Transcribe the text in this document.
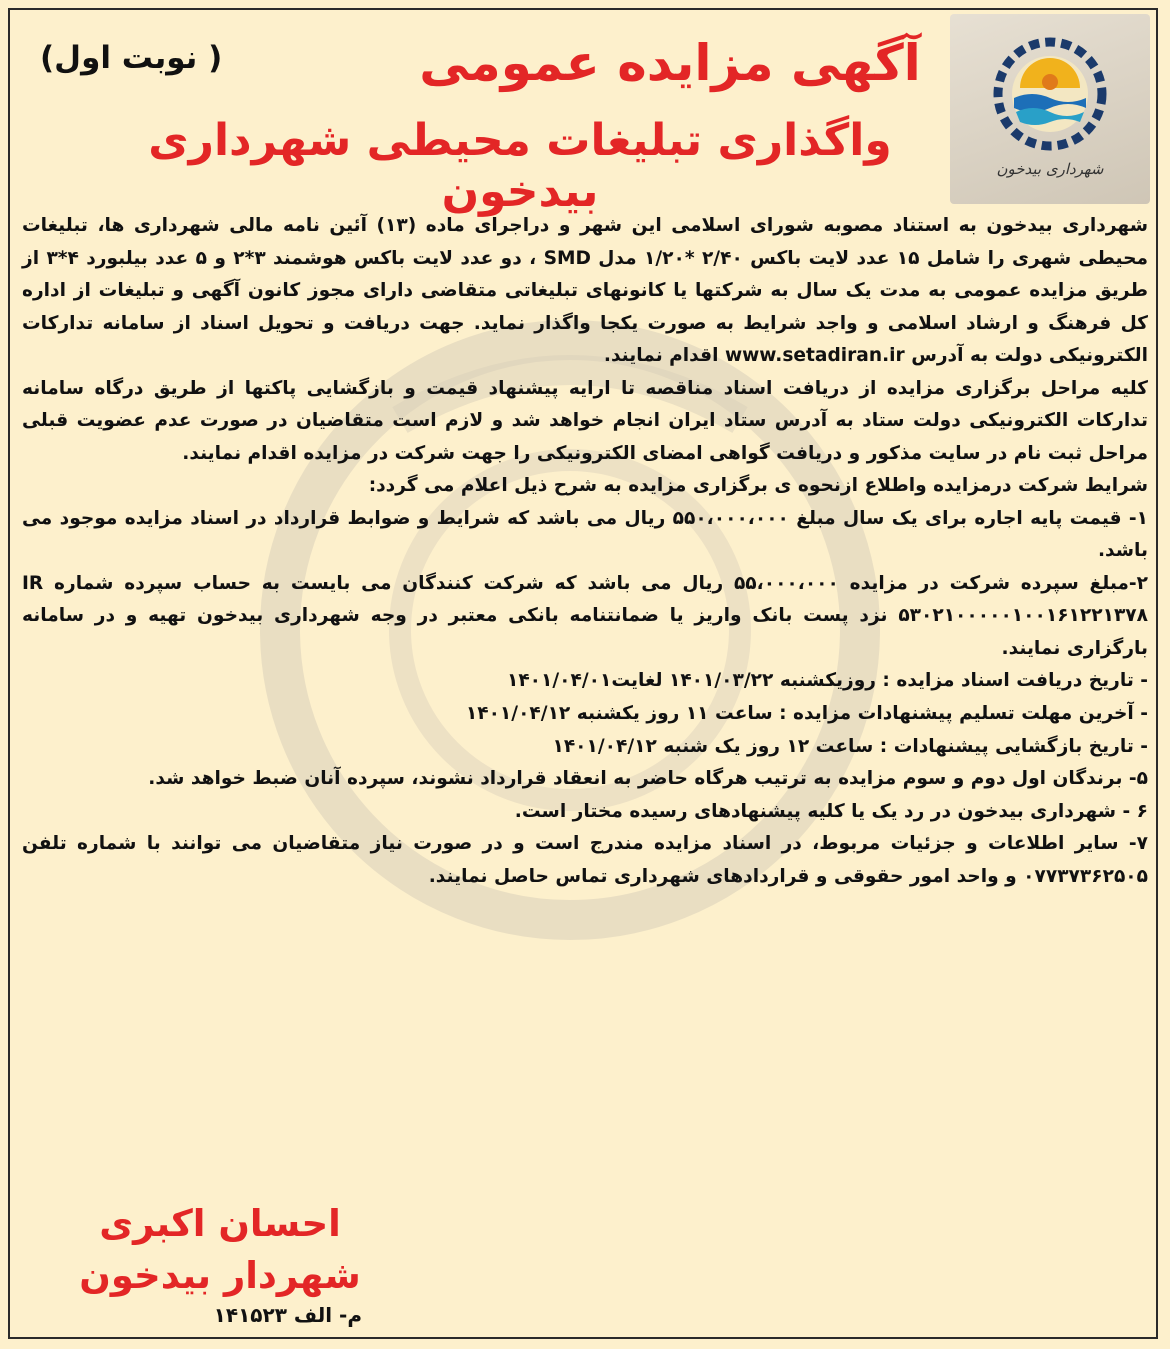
شهرداری بیدخون
آگهی مزایده عمومی
( نوبت اول)
واگذاری تبلیغات محیطی شهرداری بیدخون

شهرداری بیدخون به استناد مصوبه شورای اسلامی این شهر و دراجرای ماده (۱۳) آئین نامه مالی شهرداری ها، تبلیغات محیطی شهری را شامل ۱۵ عدد لایت باکس ۲/۴۰ *۱/۲۰ مدل SMD ، دو عدد لایت باکس هوشمند ۳*۲ و ۵ عدد بیلبورد ۴*۳ از طریق مزایده عمومی به مدت یک سال به شرکتها یا کانونهای تبلیغاتی متقاضی دارای مجوز کانون آگهی و تبلیغات از اداره کل فرهنگ و ارشاد اسلامی و واجد شرایط به صورت یکجا واگذار نماید. جهت دریافت و تحویل اسناد از سامانه تدارکات الکترونیکی دولت به آدرس www.setadiran.ir اقدام نمایند.

کلیه مراحل برگزاری مزایده از دریافت اسناد مناقصه تا ارایه پیشنهاد قیمت و بازگشایی پاکتها از طریق درگاه سامانه تدارکات الکترونیکی دولت ستاد به آدرس ستاد ایران انجام خواهد شد و لازم است متقاضیان در صورت عدم عضویت قبلی مراحل ثبت نام در سایت مذکور و دریافت گواهی امضای الکترونیکی را جهت شرکت در مزایده اقدام نمایند.

شرایط شرکت درمزایده واطلاع ازنحوه ی برگزاری مزایده به شرح ذیل اعلام می گردد:

۱- قیمت پایه اجاره برای یک سال مبلغ ۵۵۰،۰۰۰،۰۰۰ ریال می باشد که شرایط و ضوابط قرارداد در اسناد مزایده موجود می باشد.

۲-مبلغ سپرده شرکت در مزایده ۵۵،۰۰۰،۰۰۰ ریال می باشد که شرکت کنندگان می بایست به حساب سپرده شماره IR ۵۳۰۲۱۰۰۰۰۰۱۰۰۱۶۱۲۲۱۳۷۸ نزد پست بانک واریز یا ضمانتنامه بانکی معتبر در وجه شهرداری بیدخون تهیه و در سامانه بارگزاری نمایند.

- تاریخ دریافت اسناد مزایده : روزیکشنبه ۱۴۰۱/۰۳/۲۲ لغایت۱۴۰۱/۰۴/۰۱

- آخرین مهلت تسلیم پیشنهادات مزایده : ساعت ۱۱ روز یکشنبه ۱۴۰۱/۰۴/۱۲

- تاریخ بازگشایی پیشنهادات : ساعت ۱۲ روز یک شنبه ۱۴۰۱/۰۴/۱۲

۵- برندگان اول دوم و سوم مزایده به ترتیب هرگاه حاضر به انعقاد قرارداد نشوند، سپرده آنان ضبط خواهد شد.

۶ - شهرداری بیدخون در رد یک یا کلیه پیشنهادهای رسیده مختار است.

۷- سایر اطلاعات و جزئیات مربوط، در اسناد مزایده مندرج است و در صورت نیاز متقاضیان می توانند با شماره تلفن ۰۷۷۳۷۳۶۲۵۰۵ و واحد امور حقوقی و قراردادهای شهرداری تماس حاصل نمایند.

احسان اکبری
شهردار بیدخون
م- الف ۱۴۱۵۲۳
